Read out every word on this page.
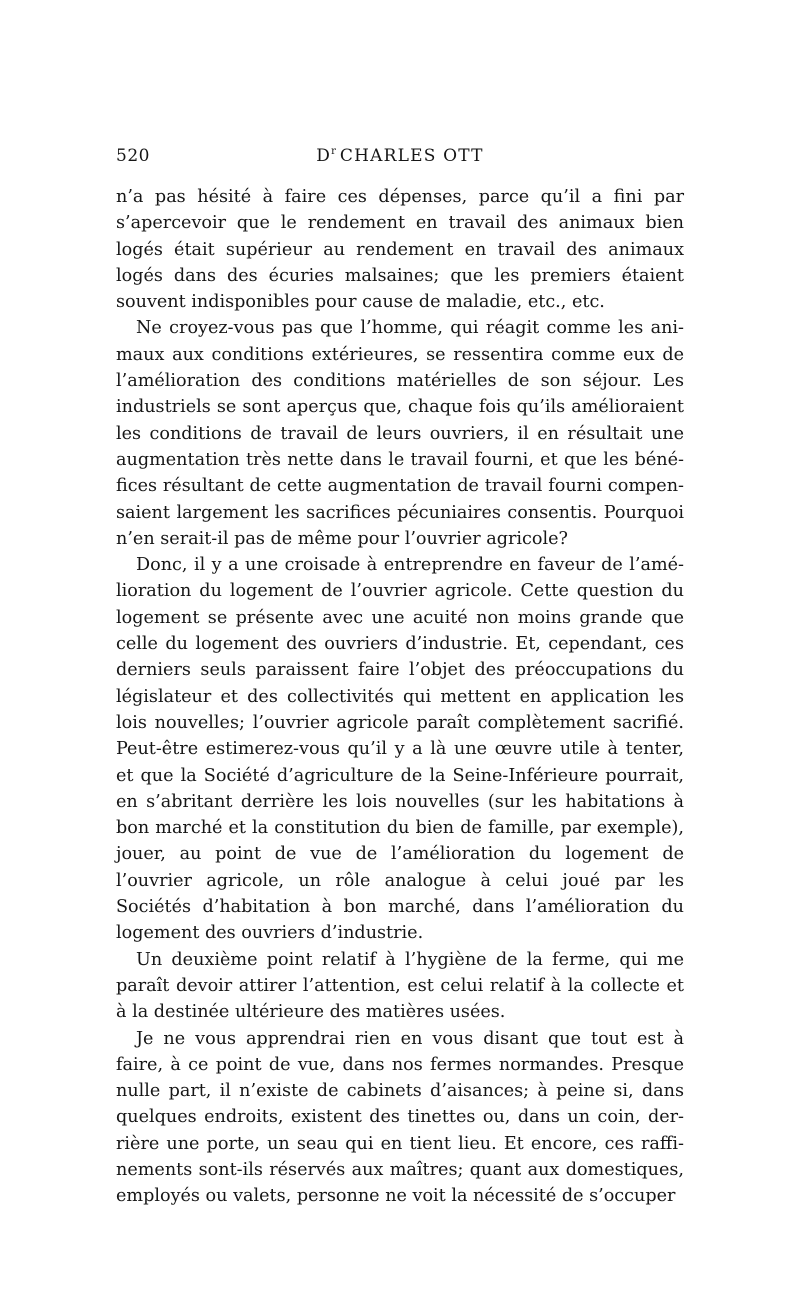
520	$D^r$ CHARLES OTT

n’a pas hésité à faire ces dépenses, parce qu’il a fini par s’apercevoir que le rendement en travail des animaux bien logés était supérieur au rendement en travail des animaux logés dans des écuries malsaines; que les premiers étaient souvent indisponibles pour cause de maladie, etc., etc.

Ne croyez-vous pas que l’homme, qui réagit comme les animaux aux conditions extérieures, se ressentira comme eux de l’amélioration des conditions matérielles de son séjour. Les industriels se sont aperçus que, chaque fois qu’ils amélioraient les conditions de travail de leurs ouvriers, il en résultait une augmentation très nette dans le travail fourni, et que les bénéfices résultant de cette augmentation de travail fourni compensaient largement les sacrifices pécuniaires consentis. Pourquoi n’en serait-il pas de même pour l’ouvrier agricole?

Donc, il y a une croisade à entreprendre en faveur de l’amélioration du logement de l’ouvrier agricole. Cette question du logement se présente avec une acuité non moins grande que celle du logement des ouvriers d’industrie. Et, cependant, ces derniers seuls paraissent faire l’objet des préoccupations du législateur et des collectivités qui mettent en application les lois nouvelles; l’ouvrier agricole paraît complètement sacrifié. Peut-être estimerez-vous qu’il y a là une œuvre utile à tenter, et que la Société d’agriculture de la Seine-Inférieure pourrait, en s’abritant derrière les lois nouvelles (sur les habitations à bon marché et la constitution du bien de famille, par exemple), jouer, au point de vue de l’amélioration du logement de l’ouvrier agricole, un rôle analogue à celui joué par les Sociétés d’habitation à bon marché, dans l’amélioration du logement des ouvriers d’industrie.

Un deuxième point relatif à l’hygiène de la ferme, qui me paraît devoir attirer l’attention, est celui relatif à la collecte et à la destinée ultérieure des matières usées.

Je ne vous apprendrai rien en vous disant que tout est à faire, à ce point de vue, dans nos fermes normandes. Presque nulle part, il n’existe de cabinets d’aisances; à peine si, dans quelques endroits, existent des tinettes ou, dans un coin, derrière une porte, un seau qui en tient lieu. Et encore, ces raffinements sont-ils réservés aux maîtres; quant aux domestiques, employés ou valets, personne ne voit la nécessité de s’occuper
